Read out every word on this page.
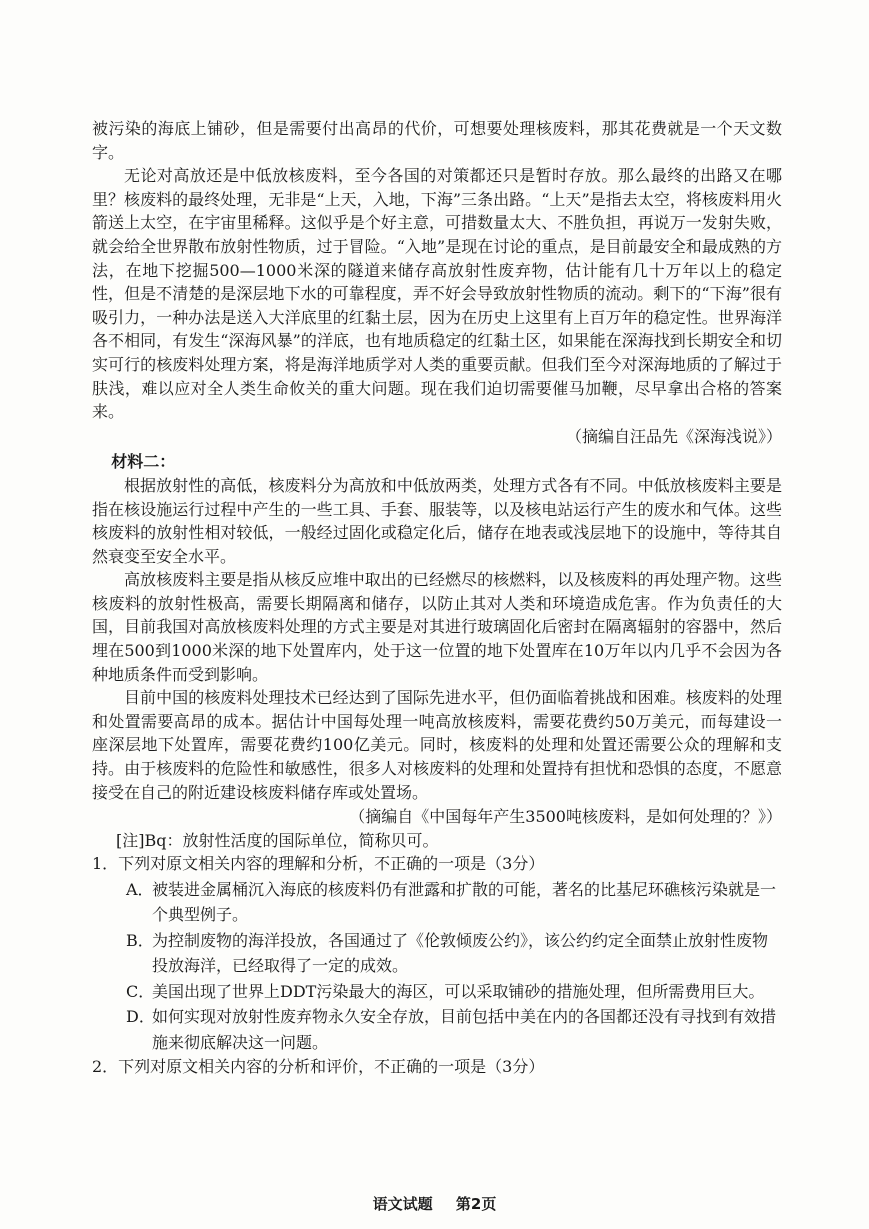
被污染的海底上铺砂，但是需要付出高昂的代价，可想要处理核废料，那其花费就是一个天文数字。

无论对高放还是中低放核废料，至今各国的对策都还只是暂时存放。那么最终的出路又在哪里？核废料的最终处理，无非是“上天，入地，下海”三条出路。“上天”是指去太空，将核废料用火箭送上太空，在宇宙里稀释。这似乎是个好主意，可措数量太大、不胜负担，再说万一发射失败，就会给全世界散布放射性物质，过于冒险。“入地”是现在讨论的重点，是目前最安全和最成熟的方法，在地下挖掘500—1000米深的隧道来储存高放射性废弃物，估计能有几十万年以上的稳定性，但是不清楚的是深层地下水的可靠程度，弄不好会导致放射性物质的流动。剩下的“下海”很有吸引力，一种办法是送入大洋底里的红黏土层，因为在历史上这里有上百万年的稳定性。世界海洋各不相同，有发生“深海风暴”的洋底，也有地质稳定的红黏土区，如果能在深海找到长期安全和切实可行的核废料处理方案，将是海洋地质学对人类的重要贡献。但我们至今对深海地质的了解过于肤浅，难以应对全人类生命攸关的重大问题。现在我们迫切需要催马加鞭，尽早拿出合格的答案来。

（摘编自汪品先《深海浅说》）

材料二：

根据放射性的高低，核废料分为高放和中低放两类，处理方式各有不同。中低放核废料主要是指在核设施运行过程中产生的一些工具、手套、服装等，以及核电站运行产生的废水和气体。这些核废料的放射性相对较低，一般经过固化或稳定化后，储存在地表或浅层地下的设施中，等待其自然衰变至安全水平。

高放核废料主要是指从核反应堆中取出的已经燃尽的核燃料，以及核废料的再处理产物。这些核废料的放射性极高，需要长期隔离和储存，以防止其对人类和环境造成危害。作为负责任的大国，目前我国对高放核废料处理的方式主要是对其进行玻璃固化后密封在隔离辐射的容器中，然后埋在500到1000米深的地下处置库内，处于这一位置的地下处置库在10万年以内几乎不会因为各种地质条件而受到影响。

目前中国的核废料处理技术已经达到了国际先进水平，但仍面临着挑战和困难。核废料的处理和处置需要高昂的成本。据估计中国每处理一吨高放核废料，需要花费约50万美元，而每建设一座深层地下处置库，需要花费约100亿美元。同时，核废料的处理和处置还需要公众的理解和支持。由于核废料的危险性和敏感性，很多人对核废料的处理和处置持有担忧和恐惧的态度，不愿意接受在自己的附近建设核废料储存库或处置场。

（摘编自《中国每年产生3500吨核废料，是如何处理的？》）

[注]Bq：放射性活度的国际单位，简称贝可。

1．下列对原文相关内容的理解和分析，不正确的一项是（3分）

A．
被装进金属桶沉入海底的核废料仍有泄露和扩散的可能，著名的比基尼环礁核污染就是一个典型例子。
B．
为控制废物的海洋投放，各国通过了《伦敦倾废公约》，该公约约定全面禁止放射性废物投放海洋，已经取得了一定的成效。
C．
美国出现了世界上DDT污染最大的海区，可以采取铺砂的措施处理，但所需费用巨大。
D．
如何实现对放射性废弃物永久安全存放，目前包括中美在内的各国都还没有寻找到有效措施来彻底解决这一问题。

2．下列对原文相关内容的分析和评价，不正确的一项是（3分）

语文试题 第2页
